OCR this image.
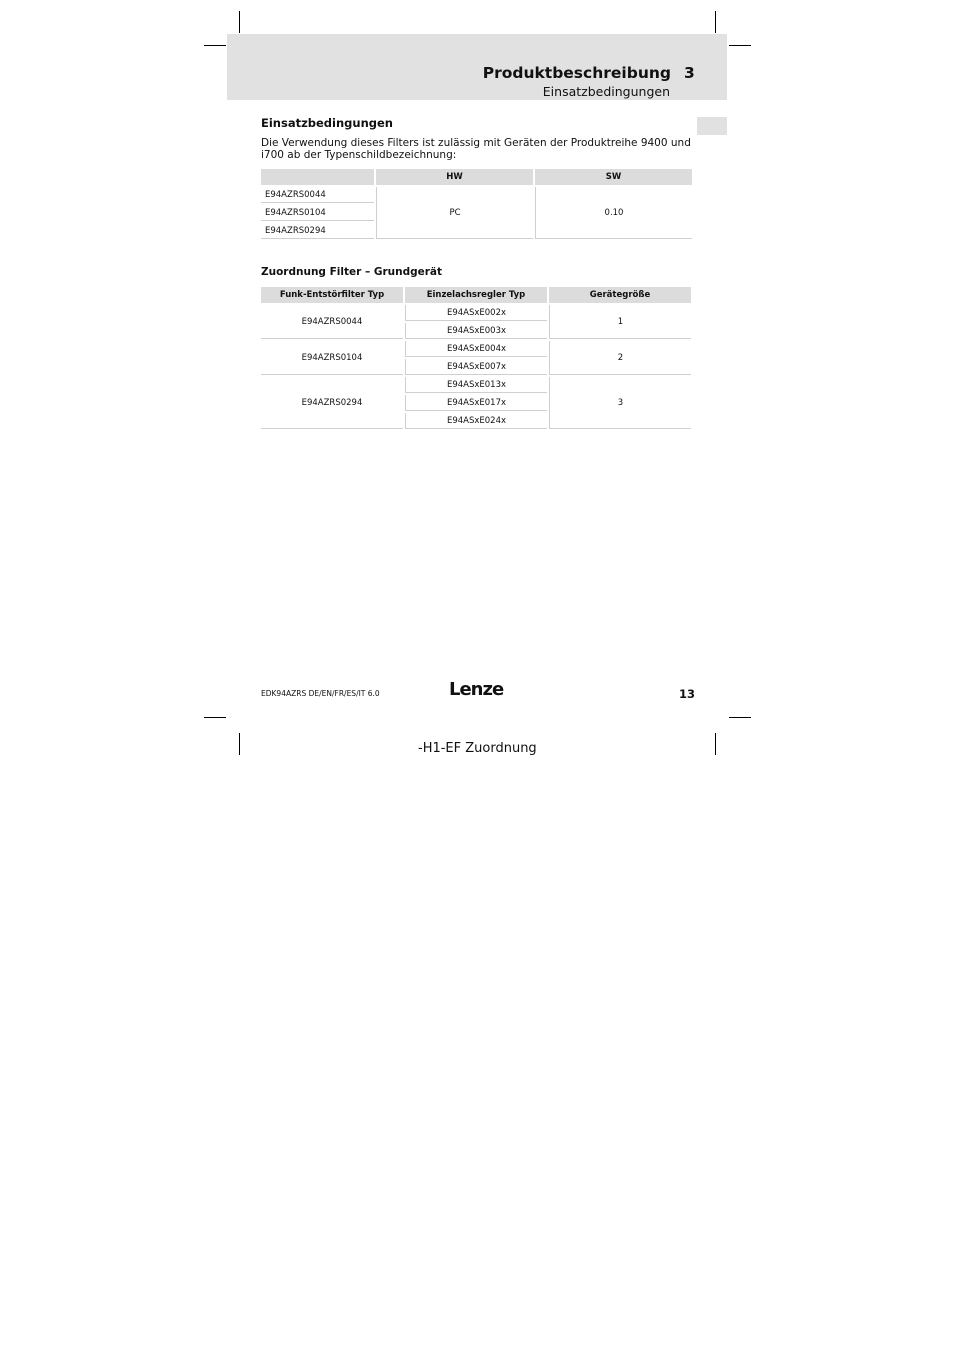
Produktbeschreibung 3
Einsatzbedingungen
Einsatzbedingungen
Die Verwendung dieses Filters ist zulässig mit Geräten der Produktreihe 9400 und i700 ab der Typenschildbezeichnung:
	HW	SW
E94AZRS0044	PC	0.10
E94AZRS0104		
E94AZRS0294		
Zuordnung Filter – Grundgerät
Funk-Entstörfilter Typ	Einzelachsregler Typ	Gerätegröße
E94AZRS0044	E94ASxE002x	1
	E94ASxE003x	
E94AZRS0104	E94ASxE004x	2
	E94ASxE007x	
E94AZRS0294	E94ASxE013x	3
	E94ASxE017x	
	E94ASxE024x	
EDK94AZRS DE/EN/FR/ES/IT 6.0	Lenze	13
-H1-EF Zuordnung
